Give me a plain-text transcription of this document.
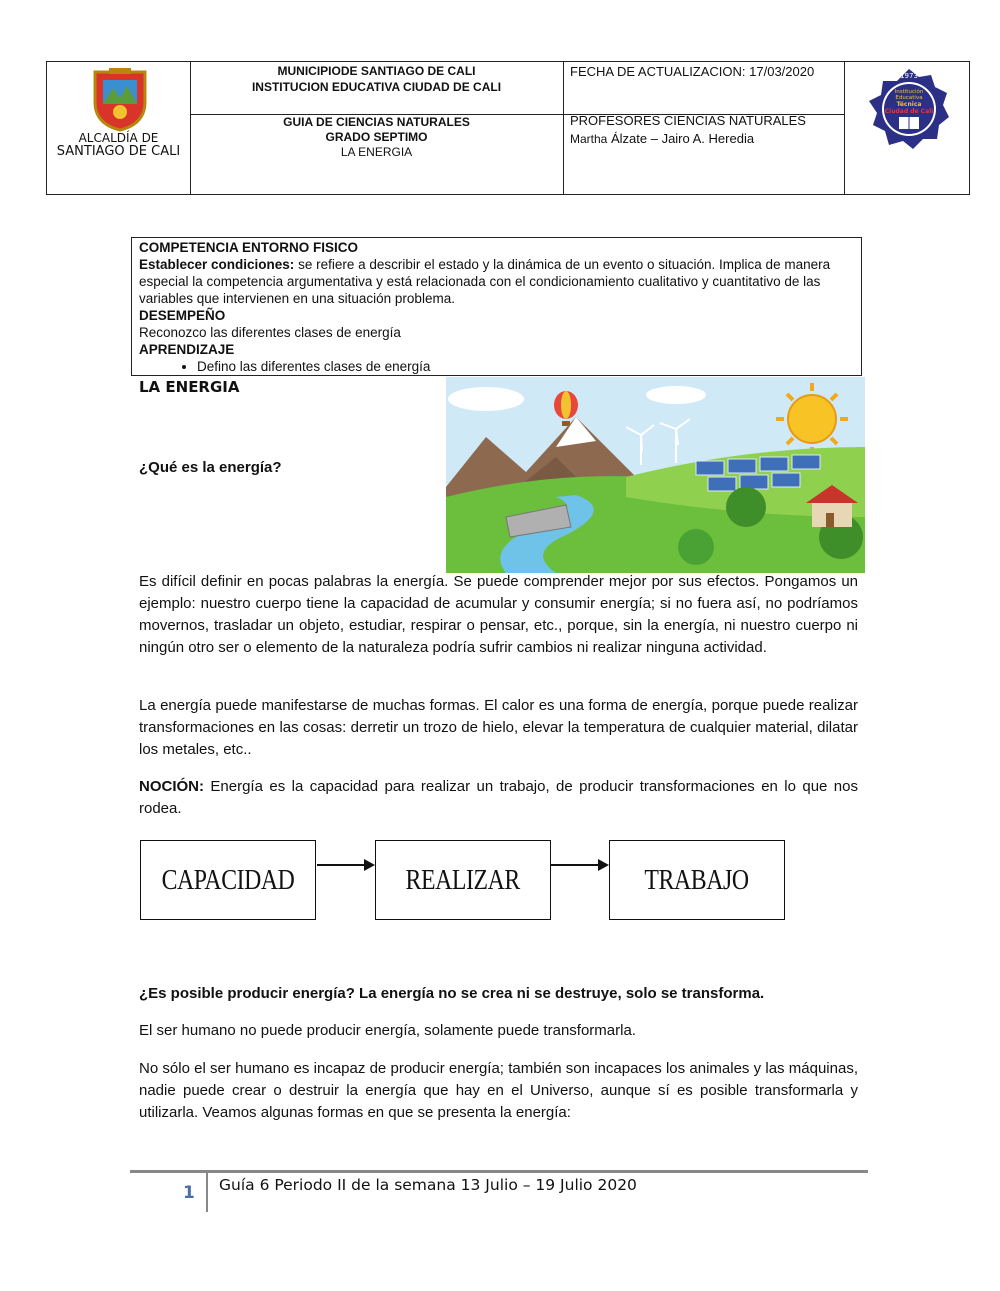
ALCALDÍA DE
SANTIAGO DE CALI
MUNICIPIODE SANTIAGO DE CALI
INSTITUCION EDUCATIVA CIUDAD DE CALI
GUIA DE CIENCIAS NATURALES
GRADO SEPTIMO
LA ENERGIA
FECHA DE ACTUALIZACION: 17/03/2020
PROFESORES CIENCIAS NATURALES
Martha Álzate – Jairo A. Heredia
1973
Institución
Educativa
Técnica
Ciudad de Cali
COMPETENCIA ENTORNO FISICO
Establecer condiciones: se refiere a describir el estado y la dinámica de un evento o situación. Implica de manera especial la competencia argumentativa y está relacionada con el condicionamiento cualitativo y cuantitativo de las variables que intervienen en una situación problema.
DESEMPEÑO
Reconozco las diferentes clases de energía
APRENDIZAJE
• Defino las diferentes clases de energía
LA ENERGIA
¿Qué es la energía?
Es difícil definir en pocas palabras la energía. Se puede comprender mejor por sus efectos. Pongamos un ejemplo: nuestro cuerpo tiene la capacidad de acumular y consumir energía; si no fuera así, no podríamos movernos, trasladar un objeto, estudiar, respirar o pensar, etc., porque, sin la energía, ni nuestro cuerpo ni ningún otro ser o elemento de la naturaleza podría sufrir cambios ni realizar ninguna actividad.
La energía puede manifestarse de muchas formas. El calor es una forma de energía, porque puede realizar transformaciones en las cosas: derretir un trozo de hielo, elevar la temperatura de cualquier material, dilatar los metales, etc..
NOCIÓN: Energía es la capacidad para realizar un trabajo, de producir transformaciones en lo que nos rodea.
CAPACIDAD	REALIZAR	TRABAJO
¿Es posible producir energía? La energía no se crea ni se destruye, solo se transforma.
El ser humano no puede producir energía, solamente puede transformarla.
No sólo el ser humano es incapaz de producir energía; también son incapaces los animales y las máquinas, nadie puede crear o destruir la energía que hay en el Universo, aunque sí es posible transformarla y utilizarla. Veamos algunas formas en que se presenta la energía:
1 Guía 6 Periodo II de la semana 13 Julio – 19 Julio 2020
